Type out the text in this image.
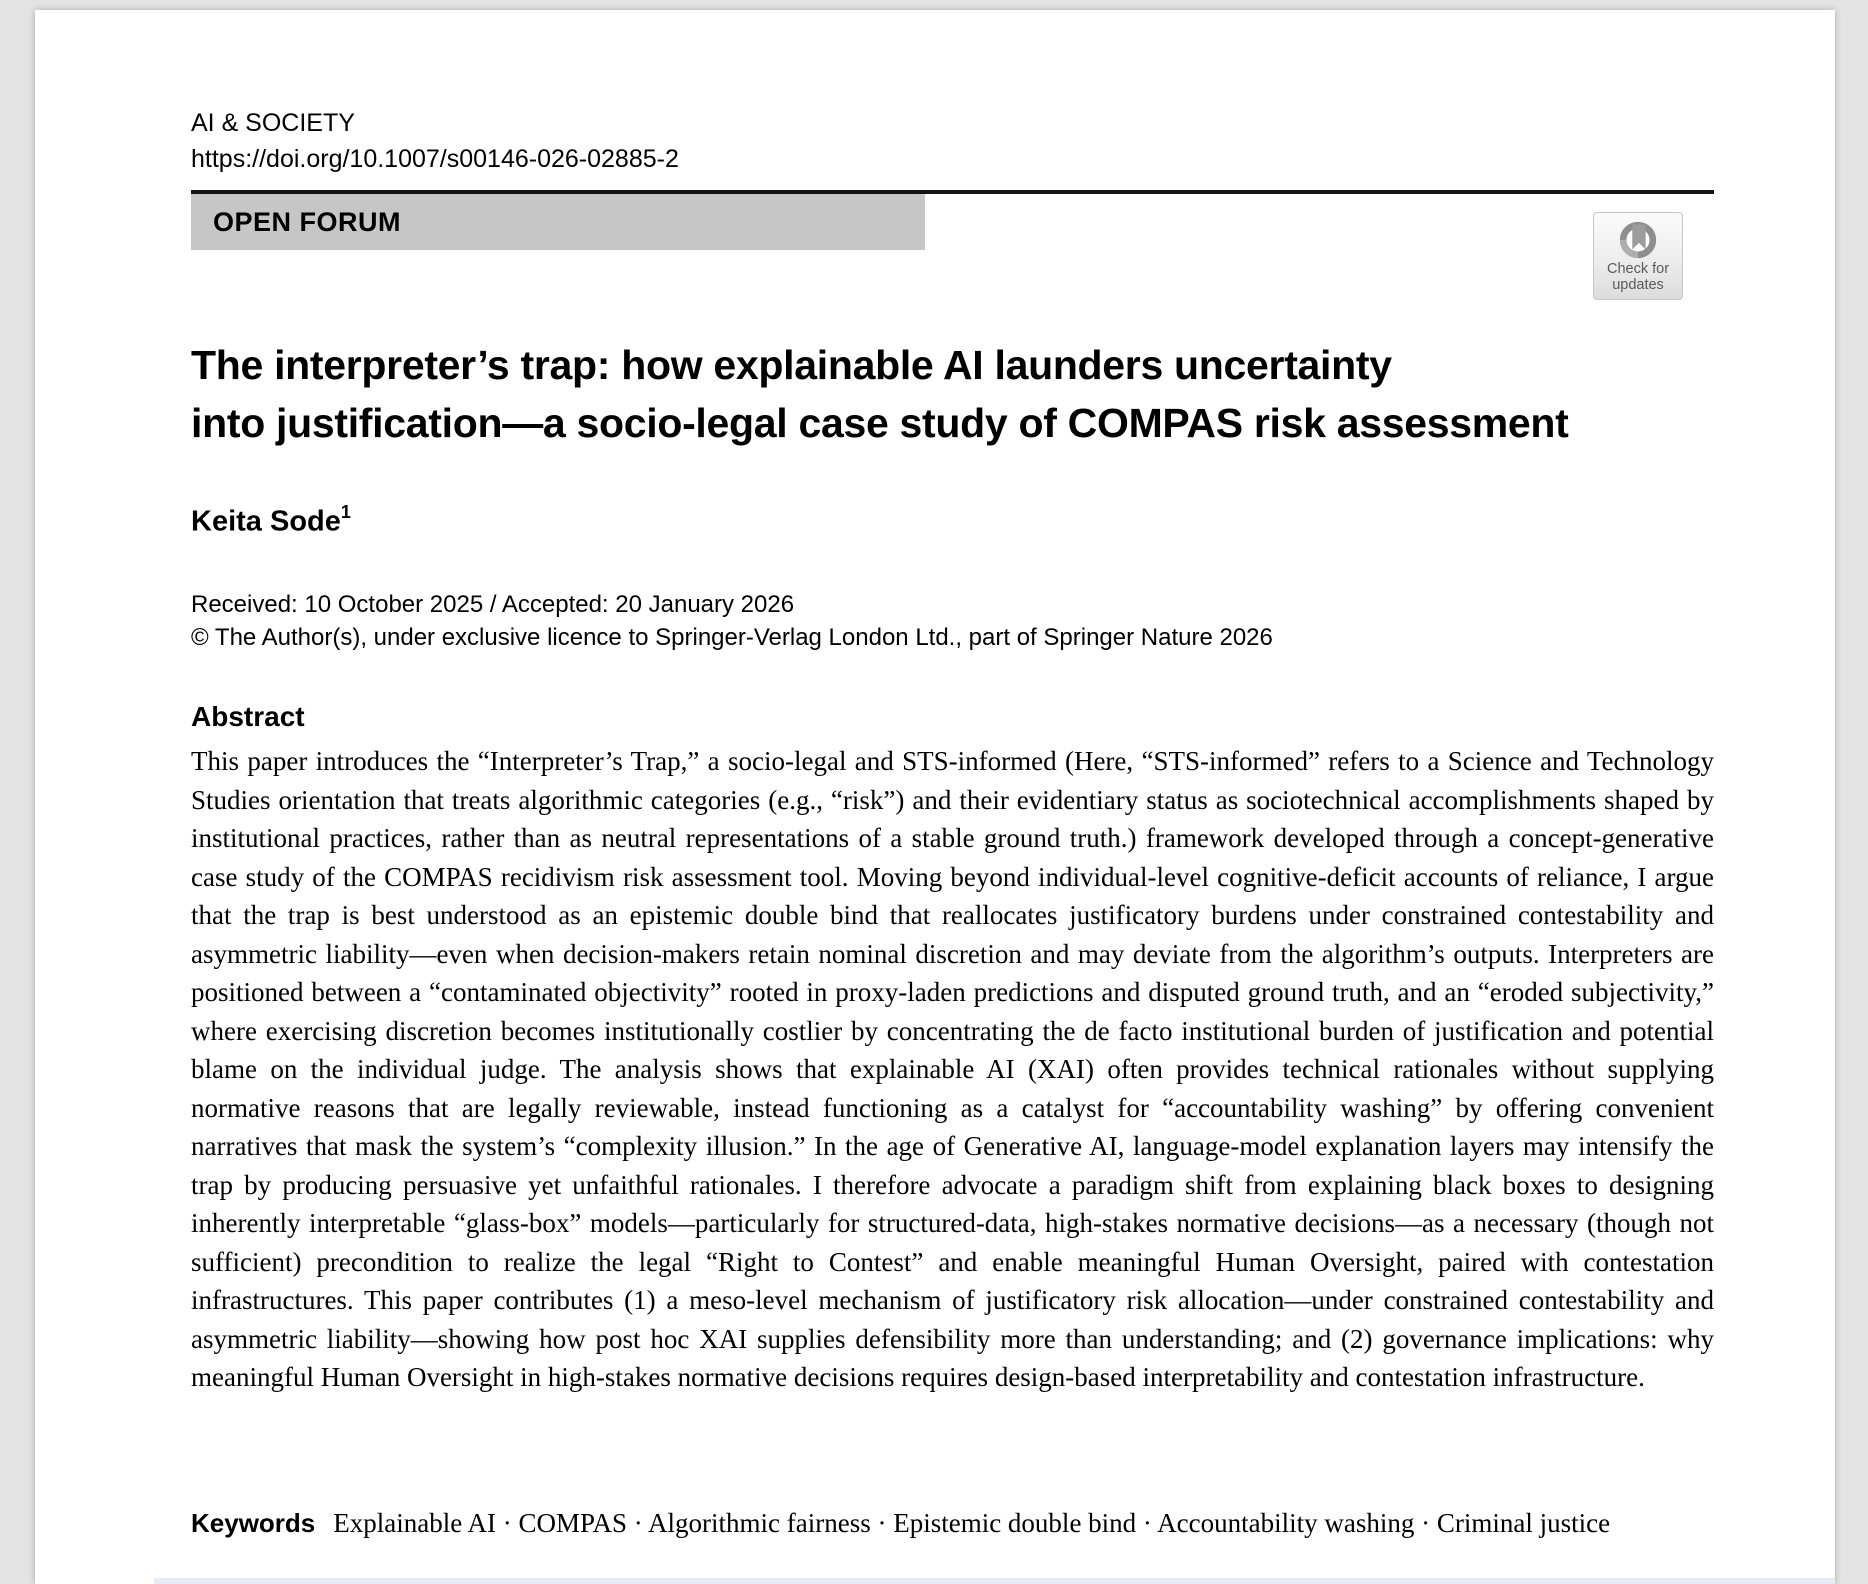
AI & SOCIETY
https://doi.org/10.1007/s00146-026-02885-2
OPEN FORUM
Check for
updates
The interpreter’s trap: how explainable AI launders uncertainty
into justification—a socio-legal case study of COMPAS risk assessment
Keita Sode$^1$
Received: 10 October 2025 / Accepted: 20 January 2026
© The Author(s), under exclusive licence to Springer-Verlag London Ltd., part of Springer Nature 2026
Abstract

This paper introduces the “Interpreter’s Trap,” a socio-legal and STS-informed (Here, “STS-informed” refers to a Science and Technology Studies orientation that treats algorithmic categories (e.g., “risk”) and their evidentiary status as sociotechnical accomplishments shaped by institutional practices, rather than as neutral representations of a stable ground truth.) framework developed through a concept-generative case study of the COMPAS recidivism risk assessment tool. Moving beyond individual-level cognitive-deficit accounts of reliance, I argue that the trap is best understood as an epistemic double bind that reallocates justificatory burdens under constrained contestability and asymmetric liability—even when decision-makers retain nominal discretion and may deviate from the algorithm’s outputs. Interpreters are positioned between a “contaminated objectivity” rooted in proxy-laden predictions and disputed ground truth, and an “eroded subjectivity,” where exercising discretion becomes institutionally costlier by concentrating the de facto institutional burden of justification and potential blame on the individual judge. The analysis shows that explainable AI (XAI) often provides technical rationales without supplying normative reasons that are legally reviewable, instead functioning as a catalyst for “accountability washing” by offering convenient narratives that mask the system’s “complexity illusion.” In the age of Generative AI, language-model explanation layers may intensify the trap by producing persuasive yet unfaithful rationales. I therefore advocate a paradigm shift from explaining black boxes to designing inherently interpretable “glass-box” models—particularly for structured-data, high-stakes normative decisions—as a necessary (though not sufficient) precondition to realize the legal “Right to Contest” and enable meaningful Human Oversight, paired with contestation infrastructures. This paper contributes (1) a meso-level mechanism of justificatory risk allocation—under constrained contestability and asymmetric liability—showing how post hoc XAI supplies defensibility more than understanding; and (2) governance implications: why meaningful Human Oversight in high-stakes normative decisions requires design-based interpretability and contestation infrastructure.

Keywords Explainable AI · COMPAS · Algorithmic fairness · Epistemic double bind · Accountability washing · Criminal justice
